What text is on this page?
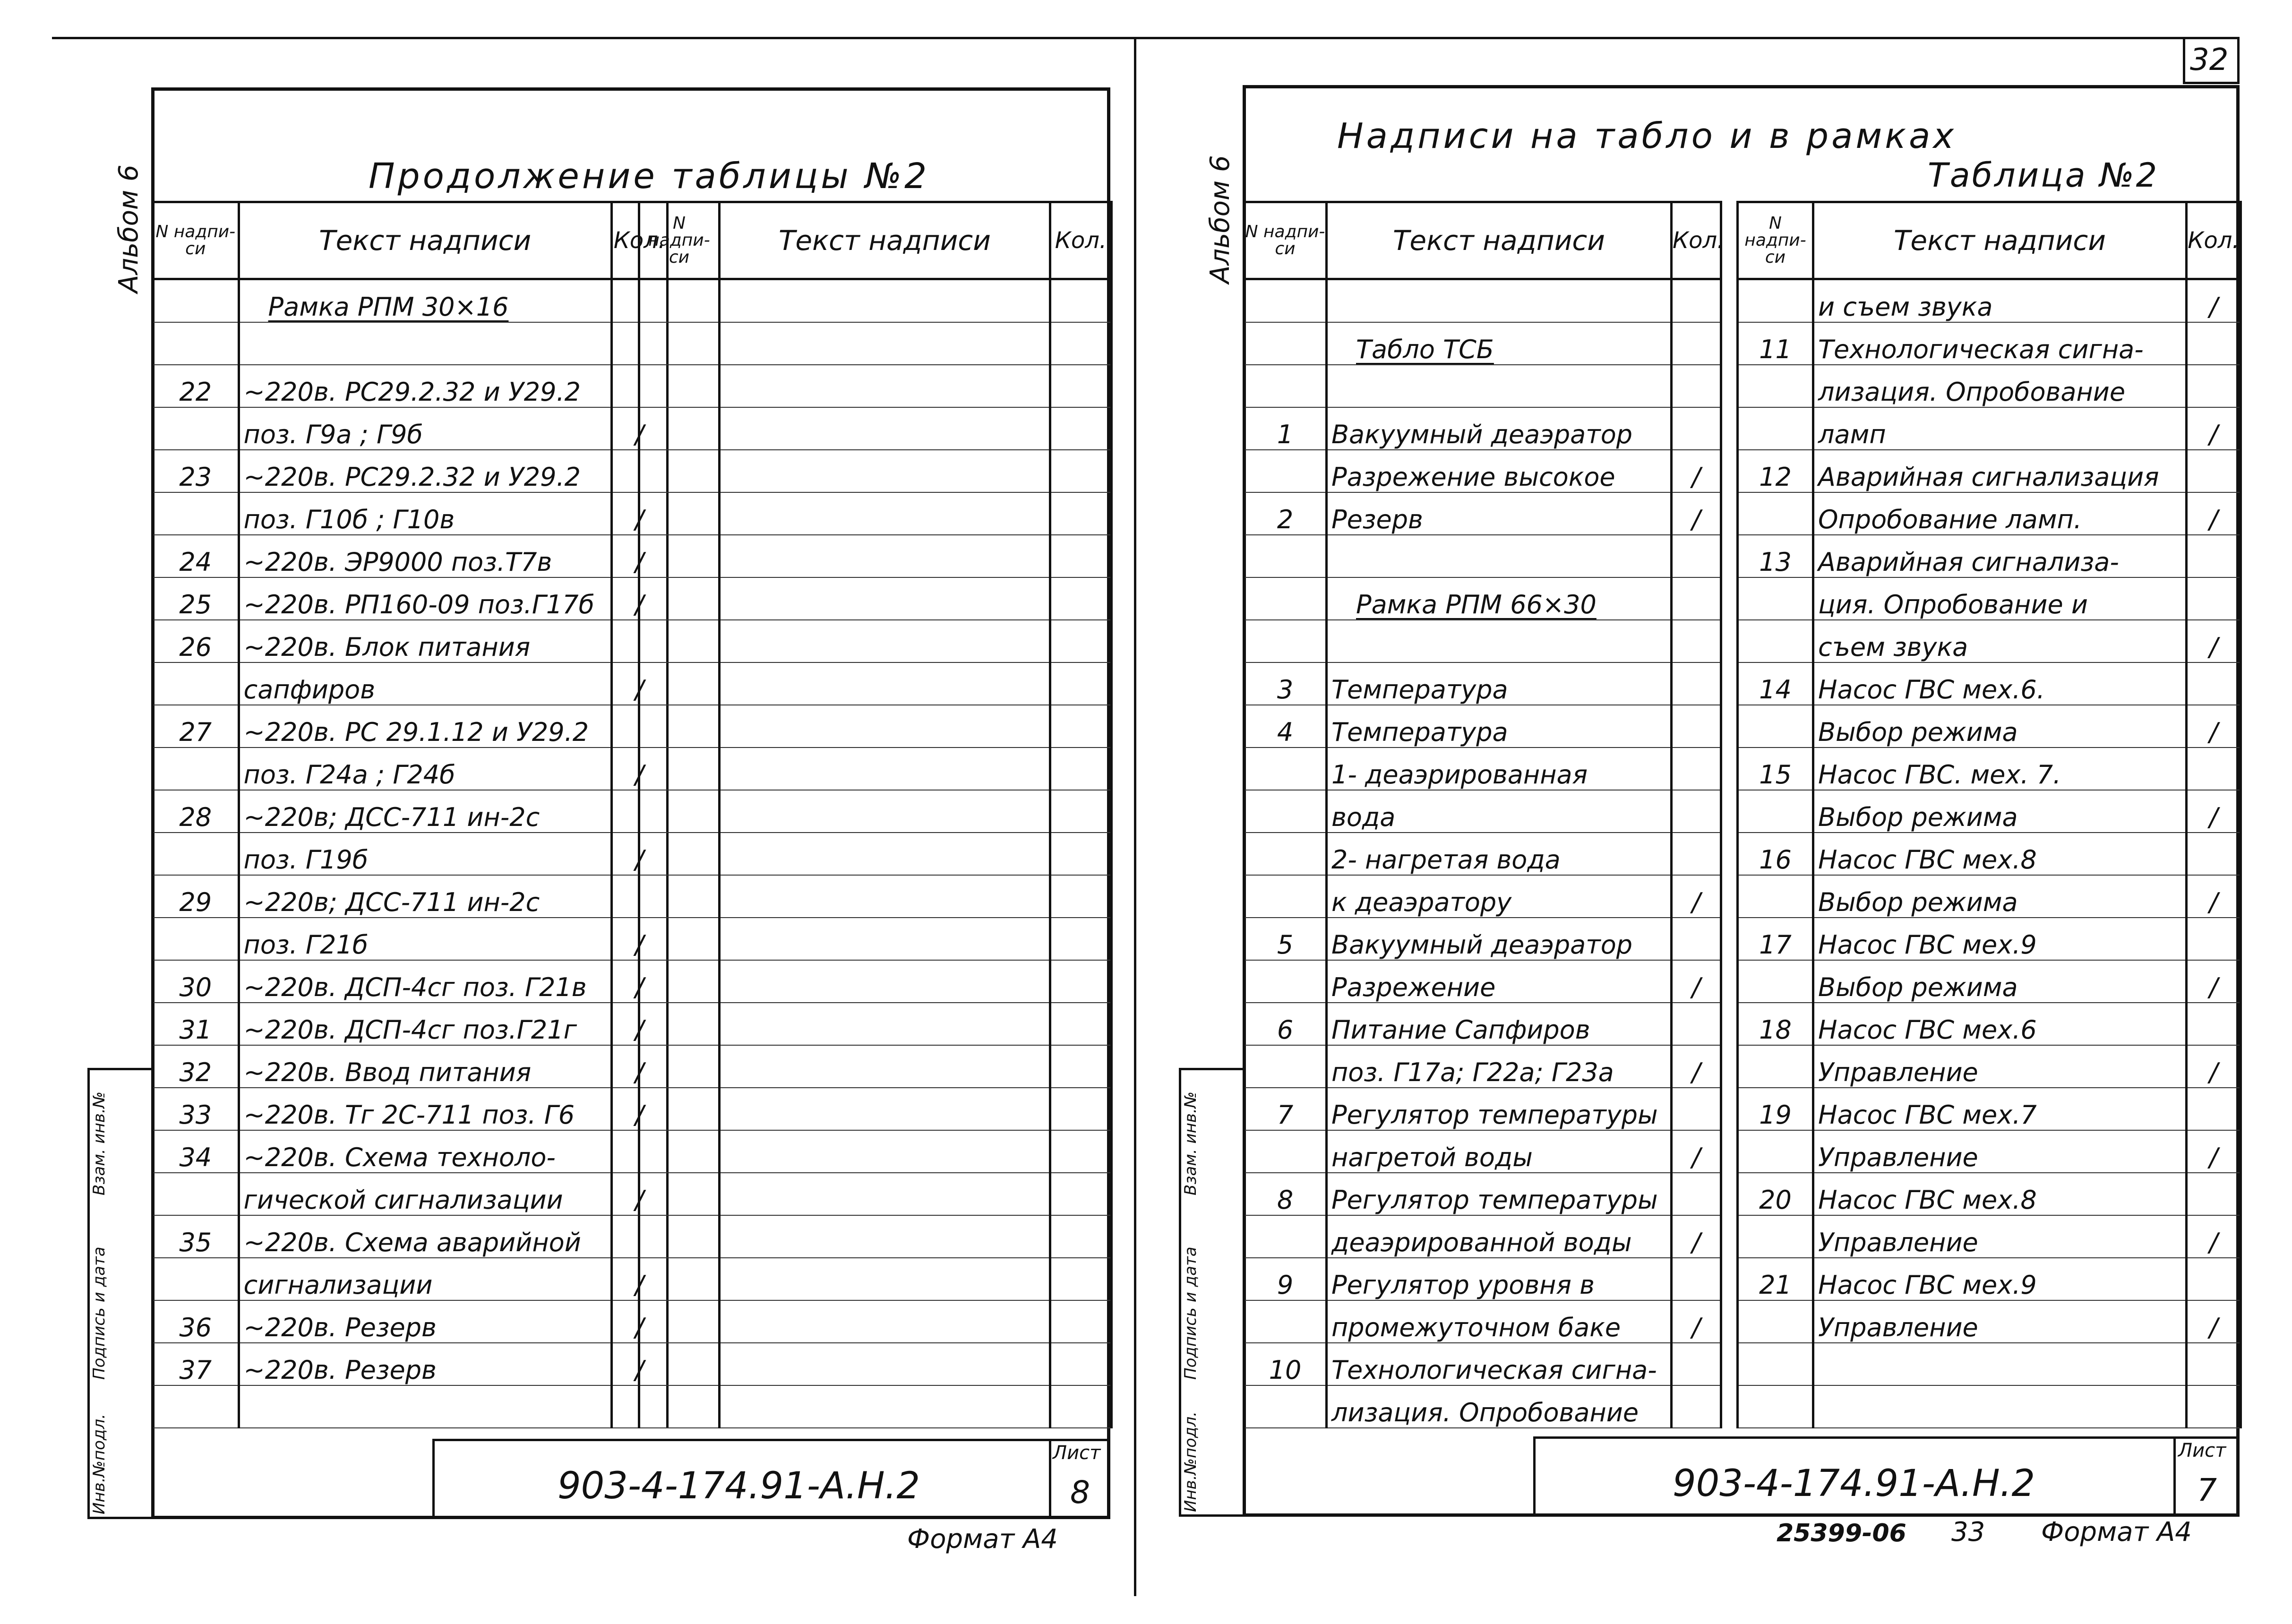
Альбом 6	Продолжение таблицы №2
N надпи-си	Текст надписи	Кол.
	Рамка РПМ 30×16	

22	~220в. РС29.2.32 и У29.2	
	поз. Г9а ; Г9б	/
23	~220в. РС29.2.32 и У29.2	
	поз. Г10б ; Г10в	/
24	~220в. ЭР9000 поз.Т7в	/
25	~220в. РП160-09 поз.Г17б	/
26	~220в. Блок питания	
	сапфиров	/
27	~220в. РС 29.1.12 и У29.2	
	поз. Г24а ; Г24б	/
28	~220в; ДСС-711 ин-2с	
	поз. Г19б	/
29	~220в; ДСС-711 ин-2с	
	поз. Г21б	/
30	~220в. ДСП-4сг поз. Г21в	/
31	~220в. ДСП-4сг поз.Г21г	/
32	~220в. Ввод питания	/
33	~220в. Тг 2С-711 поз. Г6	/
34	~220в. Схема техноло-	
	гической сигнализации	/
35	~220в. Схема аварийной	
	сигнализации	/
36	~220в. Резерв	/
37	~220в. Резерв	/

N надпи-си	Текст надписи	Кол.

Инв.№подл.
Подпись и дата
Взам. инв.№
903-4-174.91-А.Н.2
Лист
8
Формат А4
32
Альбом 6
Надписи на табло и в рамках
Таблица №2
N надпи-си	Текст надписи	Кол.

	Табло ТСБ	

1	Вакуумный деаэратор	
	Разрежение высокое	/
2	Резерв	/

	Рамка РПМ 66×30	

3	Температура	
4	Температура	
	1- деаэрированная	
	вода	
	2- нагретая вода	
	к деаэратору	/
5	Вакуумный деаэратор	
	Разрежение	/
6	Питание Сапфиров	
	поз. Г17а; Г22а; Г23а	/
7	Регулятор температуры	
	нагретой воды	/
8	Регулятор температуры	
	деаэрированной воды	/
9	Регулятор уровня в	
	промежуточном баке	/
10	Технологическая сигна-	
	лизация. Опробование	
N надпи-си	Текст надписи	Кол.
	и съем звука	/
11	Технологическая сигна-	
	лизация. Опробование	
	ламп	/
12	Аварийная сигнализация	
	Опробование ламп.	/
13	Аварийная сигнализа-	
	ция. Опробование и	
	съем звука	/
14	Насос ГВС мех.6.	
	Выбор режима	/
15	Насос ГВС. мех. 7.	
	Выбор режима	/
16	Насос ГВС мех.8	
	Выбор режима	/
17	Насос ГВС мех.9	
	Выбор режима	/
18	Насос ГВС мех.6	
	Управление	/
19	Насос ГВС мех.7	
	Управление	/
20	Насос ГВС мех.8	
	Управление	/
21	Насос ГВС мех.9	
	Управление	/

Инв.№подл.
Подпись и дата
Взам. инв.№
903-4-174.91-А.Н.2
Лист
7
25399-06 33 Формат А4
